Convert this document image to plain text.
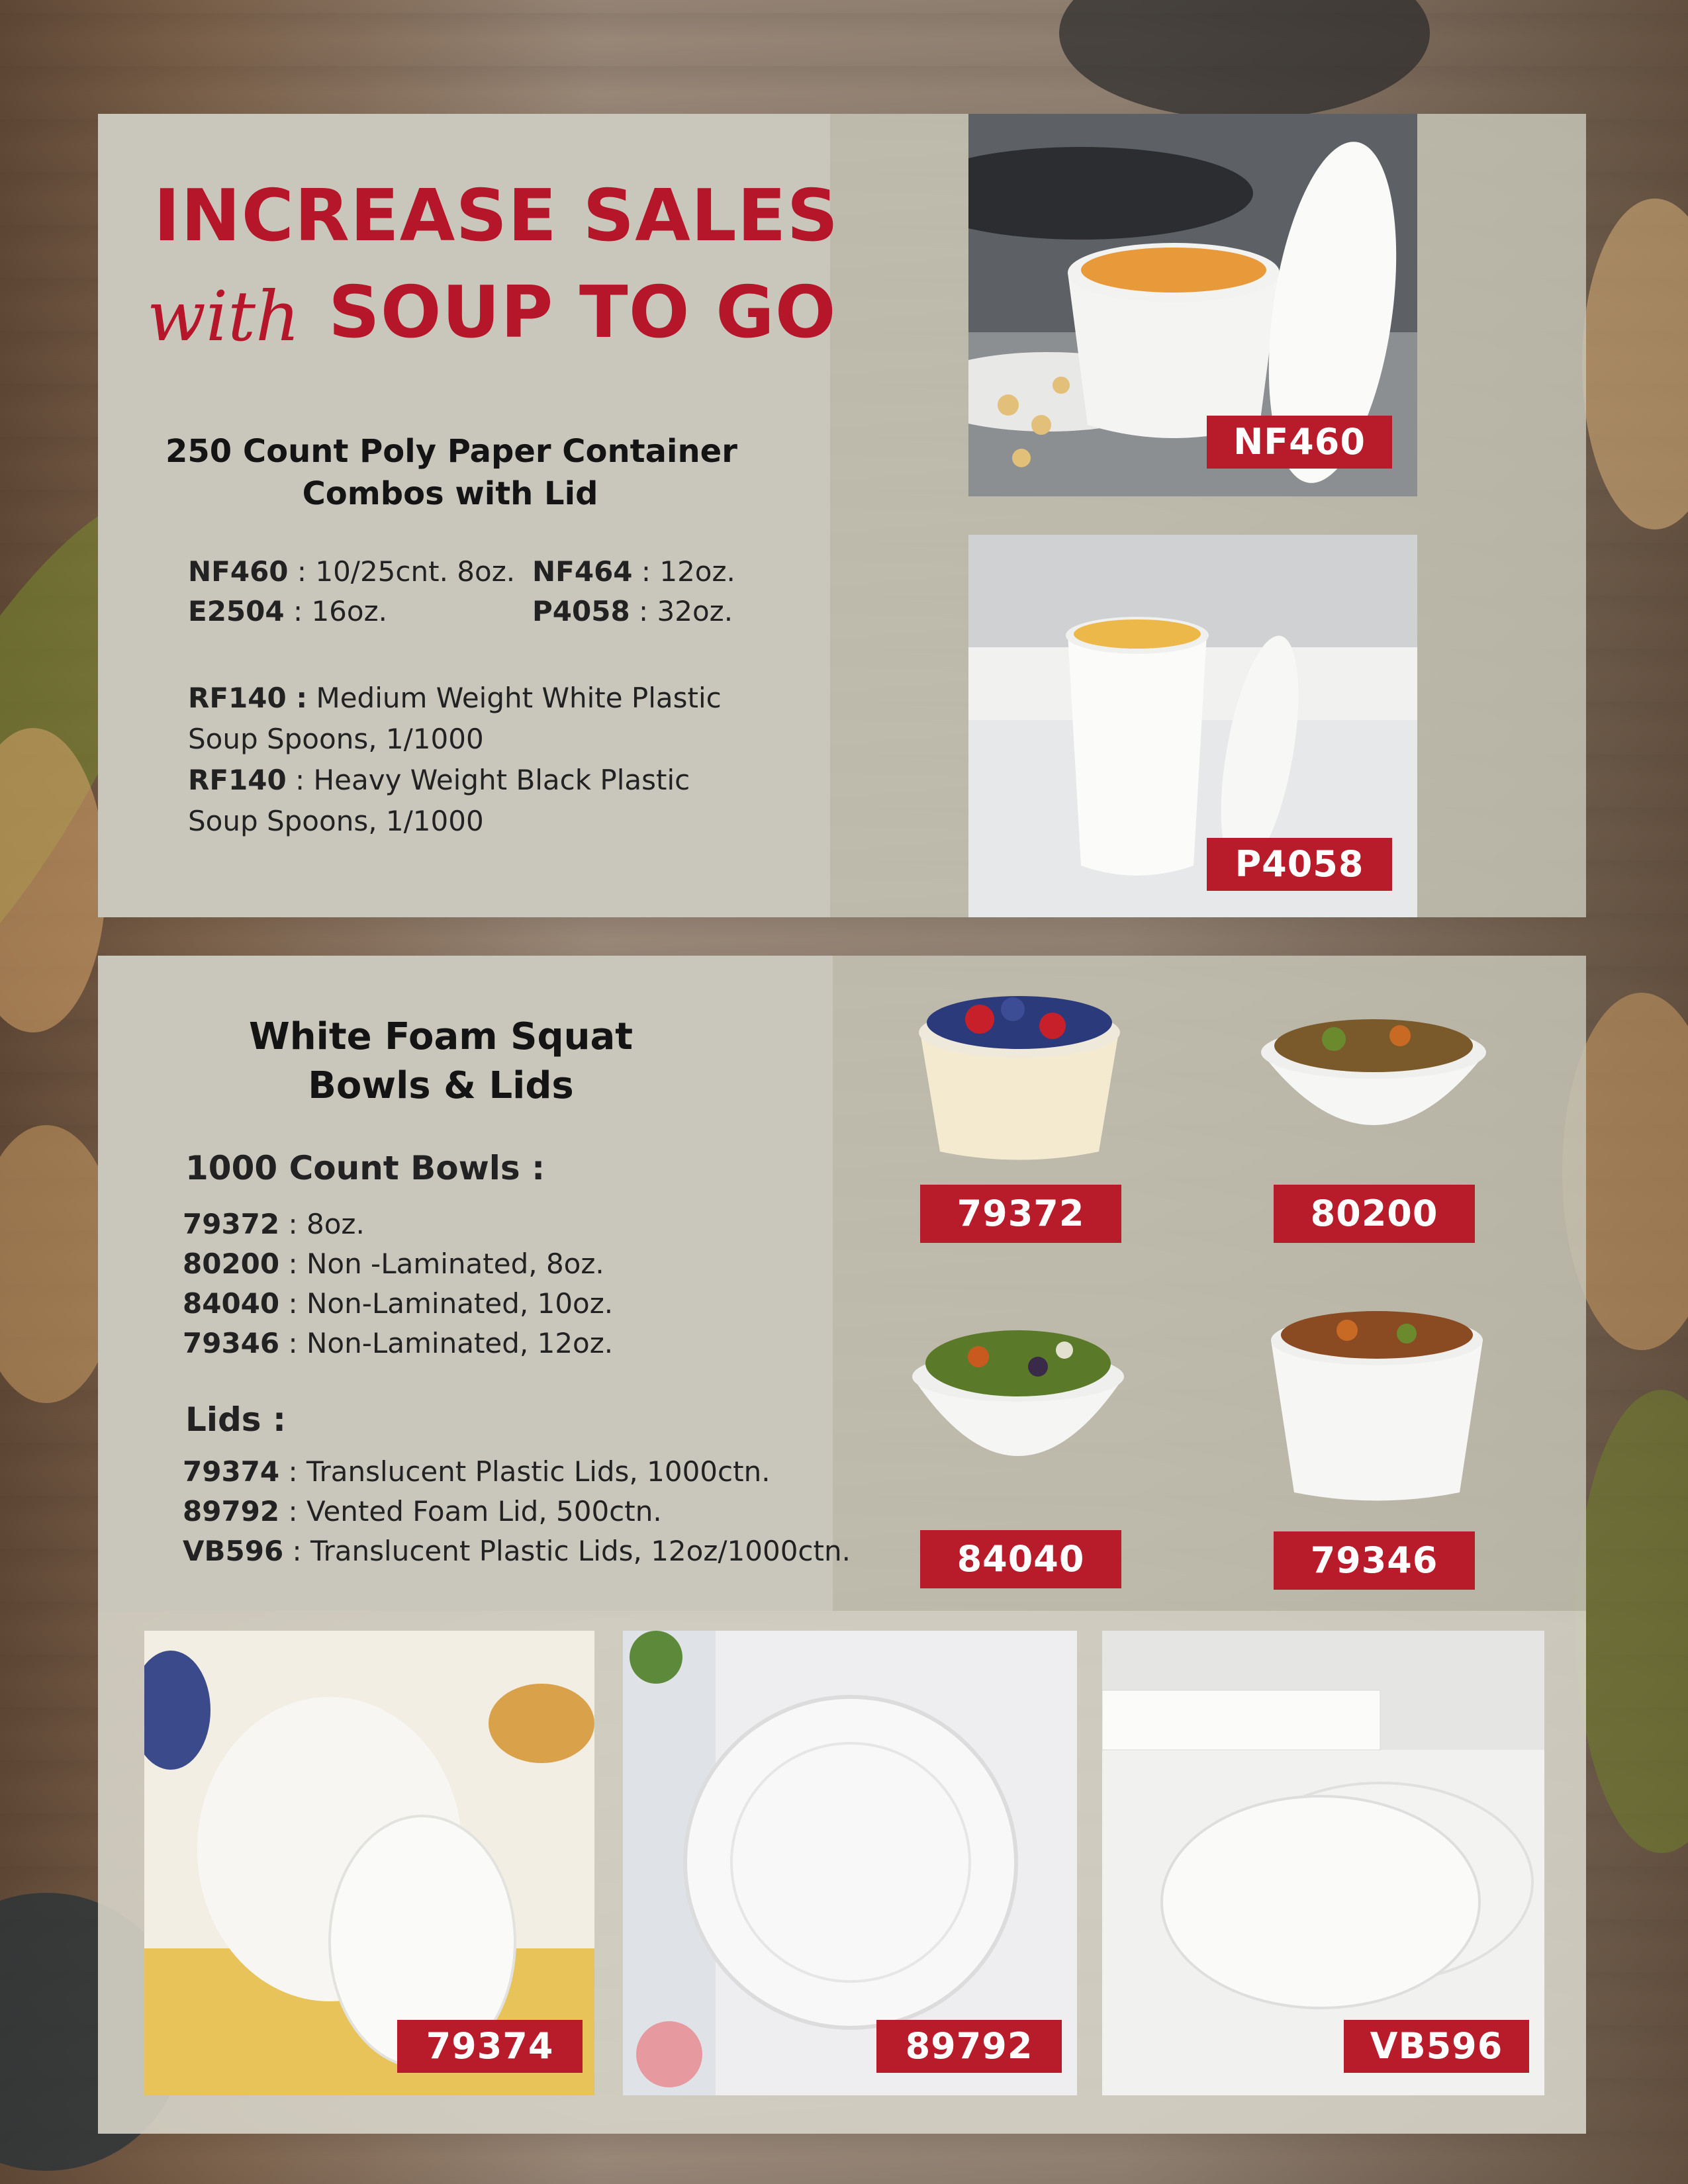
INCREASE SALES
with SOUP TO GO
250 Count Poly Paper Container
Combos with Lid
NF460 : 10/25cnt. 8oz. NF464 : 12oz.
E2504 : 16oz.	P4058 : 32oz.
RF140 : Medium Weight White Plastic
Soup Spoons, 1/1000
RF140 : Heavy Weight Black Plastic
Soup Spoons, 1/1000
NF460
P4058
White Foam Squat
Bowls & Lids
1000 Count Bowls :
79372 : 8oz.
80200 : Non -Laminated, 8oz.
84040 : Non-Laminated, 10oz.
79346 : Non-Laminated, 12oz.
Lids :
79374 : Translucent Plastic Lids, 1000ctn.
89792 : Vented Foam Lid, 500ctn.
VB596 : Translucent Plastic Lids, 12oz/1000ctn.
79372	80200
84040	79346
79374	89792	VB596
